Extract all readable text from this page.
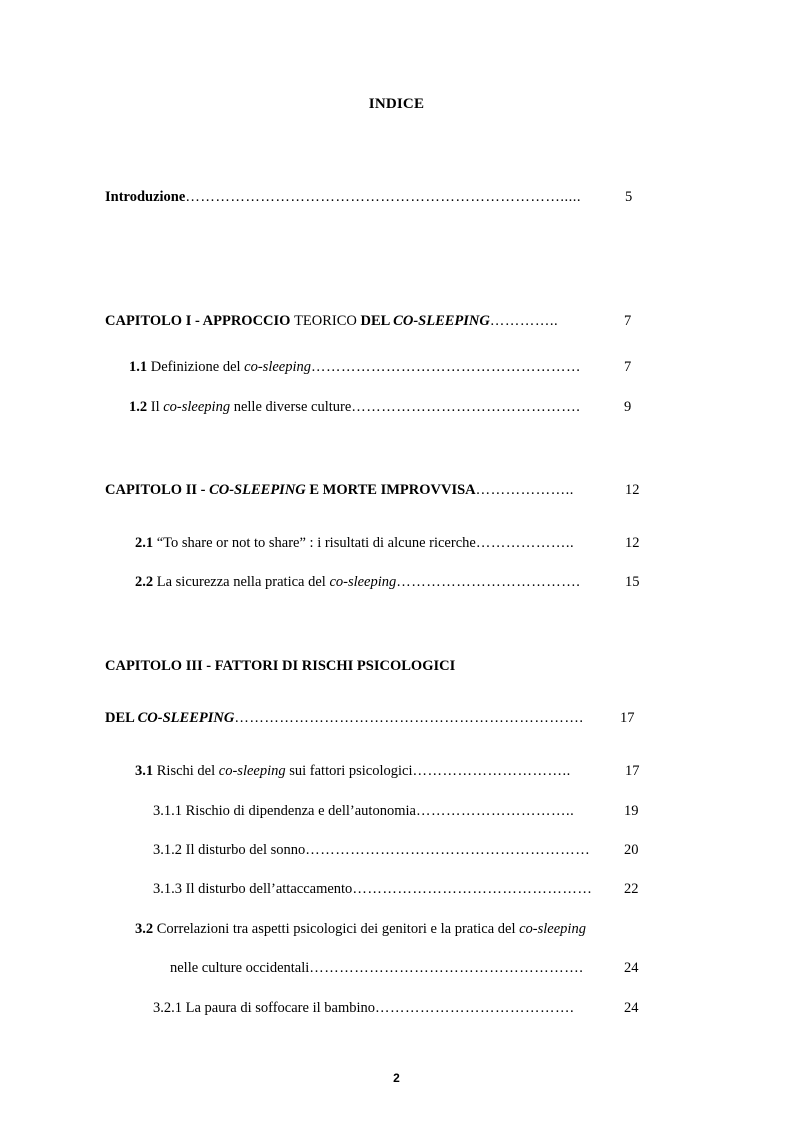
INDICE
Introduzione………………………………………………………………….....	5
CAPITOLO I - APPROCCIO TEORICO DEL CO-SLEEPING…………..	7
1.1 Definizione del co-sleeping………………………………………………	7
1.2 Il co-sleeping nelle diverse culture……………………………………….	9
CAPITOLO II - CO-SLEEPING E MORTE IMPROVVISA………………..	12
2.1 “To share or not to share” : i risultati di alcune ricerche………………..	12
2.2 La sicurezza nella pratica del co-sleeping……………………………….	15
CAPITOLO III - FATTORI DI RISCHI PSICOLOGICI
DEL CO-SLEEPING…………………………………………………………….	17
3.1 Rischi del co-sleeping sui fattori psicologici…………………………..	17
3.1.1 Rischio di dipendenza e dell’autonomia…………………………..	19
3.1.2 Il disturbo del sonno…………………………………………………	20
3.1.3 Il disturbo dell’attaccamento…………………………………………	22
3.2 Correlazioni tra aspetti psicologici dei genitori e la pratica del co-sleeping
nelle culture occidentali……………………………………………….	24
3.2.1 La paura di soffocare il bambino………………………………….	24
2
